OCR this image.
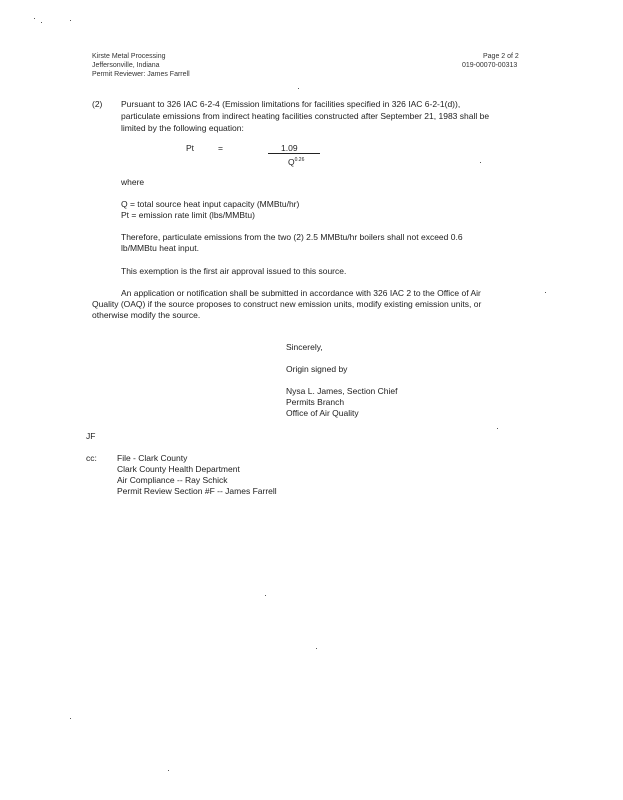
Kirste Metal Processing
Jeffersonville, Indiana
Permit Reviewer: James Farrell
Page 2 of 2
019-00070-00313
(2) Pursuant to 326 IAC 6-2-4 (Emission limitations for facilities specified in 326 IAC 6-2-1(d)),
particulate emissions from indirect heating facilities constructed after September 21, 1983 shall be
limited by the following equation:
Pt	=	1.09
$Q^{0.26}$
where
Q = total source heat input capacity (MMBtu/hr)
Pt = emission rate limit (lbs/MMBtu)
Therefore, particulate emissions from the two (2) 2.5 MMBtu/hr boilers shall not exceed 0.6
lb/MMBtu heat input.
This exemption is the first air approval issued to this source.
An application or notification shall be submitted in accordance with 326 IAC 2 to the Office of Air
Quality (OAQ) if the source proposes to construct new emission units, modify existing emission units, or
otherwise modify the source.
Sincerely,
Origin signed by
Nysa L. James, Section Chief
Permits Branch
Office of Air Quality
JF
cc: File - Clark County
Clark County Health Department
Air Compliance -- Ray Schick
Permit Review Section #F -- James Farrell
